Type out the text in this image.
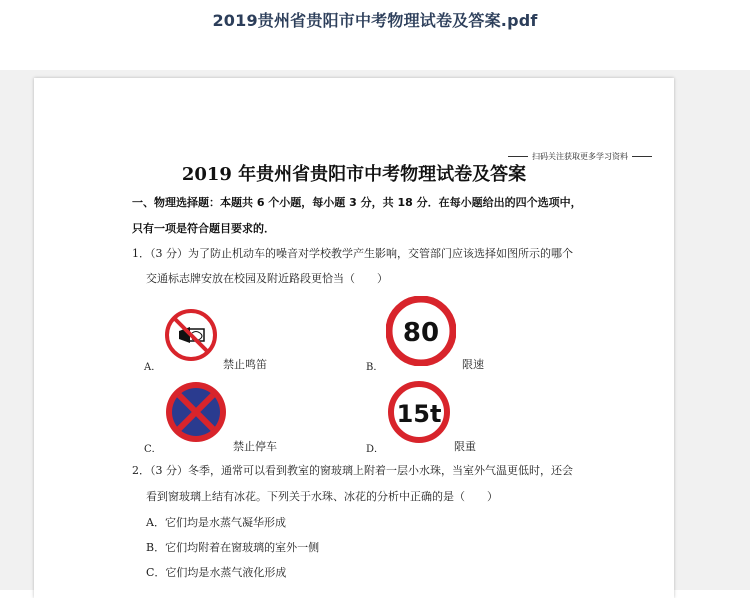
2019贵州省贵阳市中考物理试卷及答案.pdf
扫码关注获取更多学习资料
2019 年贵州省贵阳市中考物理试卷及答案
一、物理选择题：本题共 6 个小题，每小题 3 分，共 18 分．在每小题给出的四个选项中，
只有一项是符合题目要求的．
1．（3 分）为了防止机动车的噪音对学校教学产生影响，交管部门应该选择如图所示的哪个
交通标志牌安放在校园及附近路段更恰当（　　）
A．	禁止鸣笛
80
B．	限速
C．	禁止停车
15t
D．	限重
2．（3 分）冬季，通常可以看到教室的窗玻璃上附着一层小水珠，当室外气温更低时，还会
看到窗玻璃上结有冰花。下列关于水珠、冰花的分析中正确的是（　　）
A．它们均是水蒸气凝华形成
B．它们均附着在窗玻璃的室外一侧
C．它们均是水蒸气液化形成
